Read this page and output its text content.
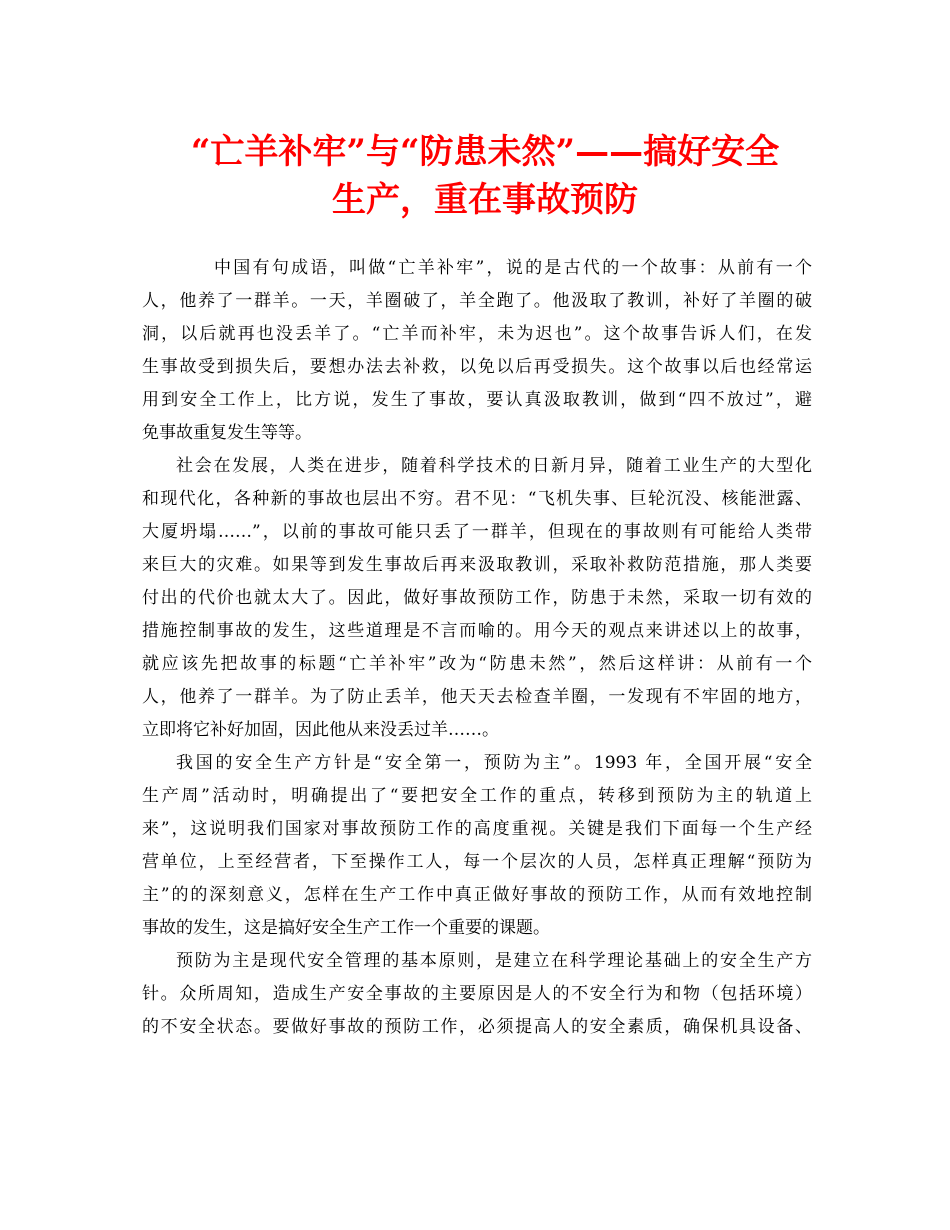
“亡羊补牢”与“防患未然”——搞好安全
生产，重在事故预防
中国有句成语，叫做“亡羊补牢”，说的是古代的一个故事：从前有一个
人，他养了一群羊。一天，羊圈破了，羊全跑了。他汲取了教训，补好了羊圈的破
洞，以后就再也没丢羊了。“亡羊而补牢，未为迟也”。这个故事告诉人们，在发
生事故受到损失后，要想办法去补救，以免以后再受损失。这个故事以后也经常运
用到安全工作上，比方说，发生了事故，要认真汲取教训，做到“四不放过”，避
免事故重复发生等等。
社会在发展，人类在进步，随着科学技术的日新月异，随着工业生产的大型化
和现代化，各种新的事故也层出不穷。君不见：“飞机失事、巨轮沉没、核能泄露、
大厦坍塌……”，以前的事故可能只丢了一群羊，但现在的事故则有可能给人类带
来巨大的灾难。如果等到发生事故后再来汲取教训，采取补救防范措施，那人类要
付出的代价也就太大了。因此，做好事故预防工作，防患于未然，采取一切有效的
措施控制事故的发生，这些道理是不言而喻的。用今天的观点来讲述以上的故事，
就应该先把故事的标题“亡羊补牢”改为“防患未然”，然后这样讲：从前有一个
人，他养了一群羊。为了防止丢羊，他天天去检查羊圈，一发现有不牢固的地方，
立即将它补好加固，因此他从来没丢过羊……。
我国的安全生产方针是“安全第一，预防为主”。1993 年，全国开展“安全
生产周”活动时，明确提出了“要把安全工作的重点，转移到预防为主的轨道上
来”，这说明我们国家对事故预防工作的高度重视。关键是我们下面每一个生产经
营单位，上至经营者，下至操作工人，每一个层次的人员，怎样真正理解“预防为
主”的的深刻意义，怎样在生产工作中真正做好事故的预防工作，从而有效地控制
事故的发生，这是搞好安全生产工作一个重要的课题。
预防为主是现代安全管理的基本原则，是建立在科学理论基础上的安全生产方
针。众所周知，造成生产安全事故的主要原因是人的不安全行为和物（包括环境）
的不安全状态。要做好事故的预防工作，必须提高人的安全素质，确保机具设备、
